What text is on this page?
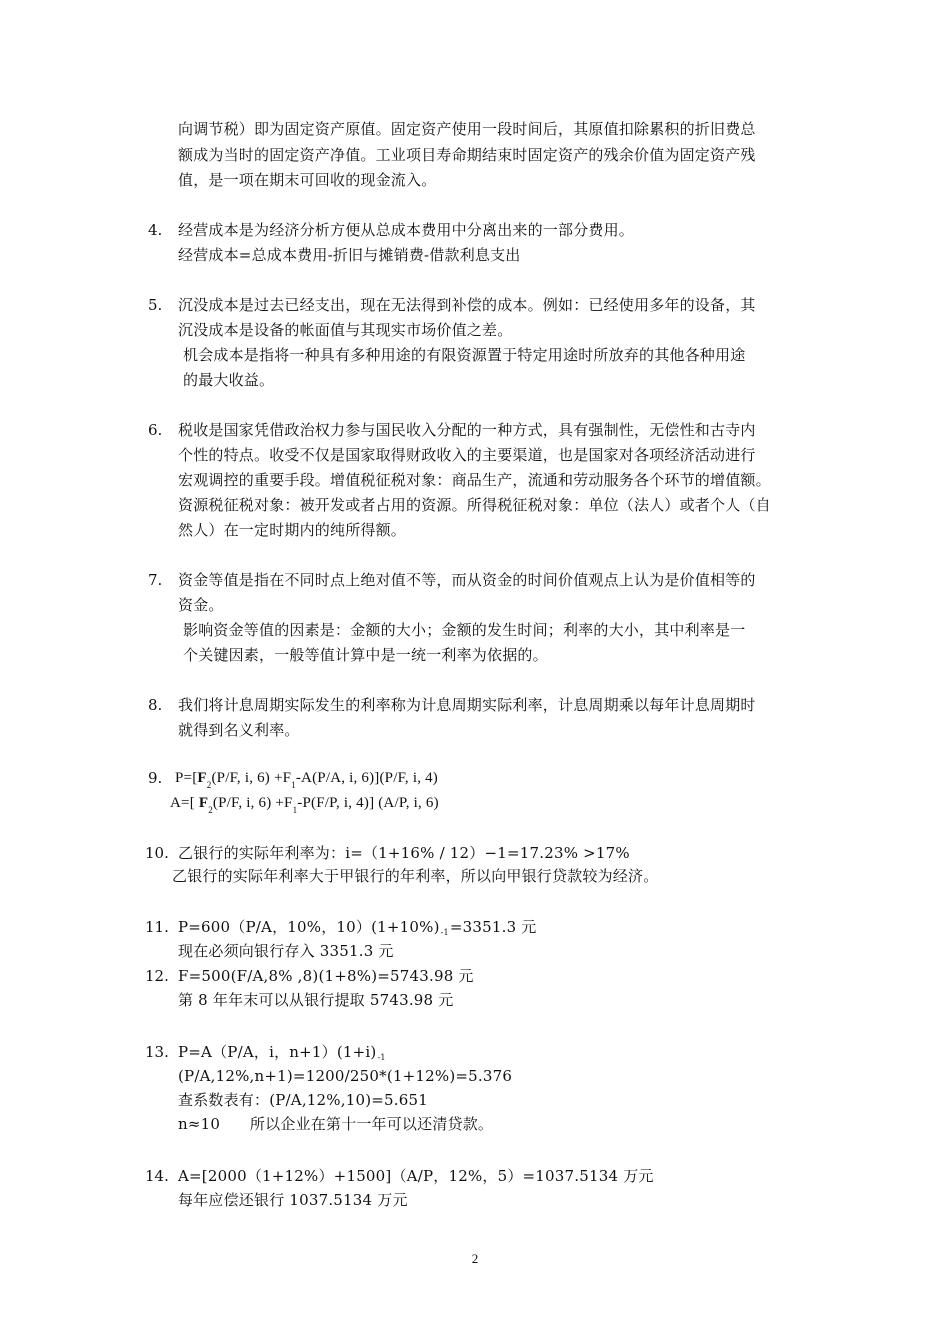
向调节税）即为固定资产原值。固定资产使用一段时间后，其原值扣除累积的折旧费总
额成为当时的固定资产净值。工业项目寿命期结束时固定资产的残余价值为固定资产残
值，是一项在期末可回收的现金流入。
4. 经营成本是为经济分析方便从总成本费用中分离出来的一部分费用。
经营成本=总成本费用-折旧与摊销费-借款利息支出
5. 沉没成本是过去已经支出，现在无法得到补偿的成本。例如：已经使用多年的设备，其
沉没成本是设备的帐面值与其现实市场价值之差。
机会成本是指将一种具有多种用途的有限资源置于特定用途时所放弃的其他各种用途
的最大收益。
6. 税收是国家凭借政治权力参与国民收入分配的一种方式，具有强制性，无偿性和古寺内
个性的特点。收受不仅是国家取得财政收入的主要渠道，也是国家对各项经济活动进行
宏观调控的重要手段。增值税征税对象：商品生产，流通和劳动服务各个环节的增值额。
资源税征税对象：被开发或者占用的资源。所得税征税对象：单位（法人）或者个人（自
然人）在一定时期内的纯所得额。
7. 资金等值是指在不同时点上绝对值不等，而从资金的时间价值观点上认为是价值相等的
资金。
影响资金等值的因素是：金额的大小；金额的发生时间；利率的大小，其中利率是一
个关键因素，一般等值计算中是一统一利率为依据的。
8. 我们将计息周期实际发生的利率称为计息周期实际利率，计息周期乘以每年计息周期时
就得到名义利率。
9. $P=[F_2(P/F$, i, $6) +F_1-A(P/A$, i, 6)](P/F, i, 4)
A=[ $F_2(P/F$, i, $6) +F_1-P(F/P$, i, 4)] (A/P, i, 6)
10. 乙银行的实际年利率为：i=（1+16% / 12）−1=17.23% >17%
乙银行的实际年利率大于甲银行的年利率，所以向甲银行贷款较为经济。
11. P=600（P/A，10%，$10)(1+10\%)_{-1}=3351.3$ 元
现在必须向银行存入 3351.3 元
12. F=500(F/A,8% ,8)(1+8%)=5743.98 元
第 8 年年末可以从银行提取 5743.98 元
13. P=A（P/A，i，$n+1)(1+i)_{-1}$
(P/A,12%,n+1)=1200/250*(1+12%)=5.376
查系数表有：(P/A,12%,10)=5.651
n≈10      所以企业在第十一年可以还清贷款。
14. A=[2000（1+12%）+1500]（A/P，12%，5）=1037.5134 万元
每年应偿还银行 1037.5134 万元
2
